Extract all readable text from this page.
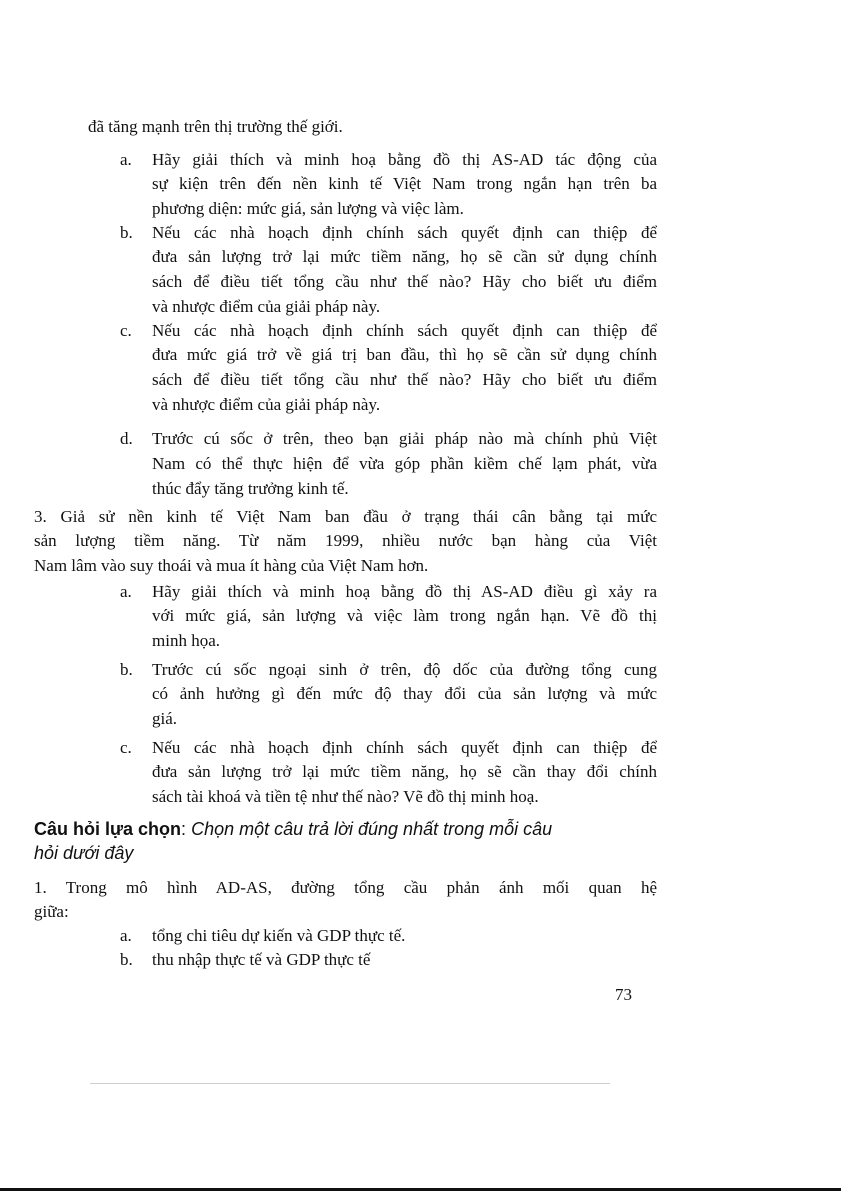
đã tăng mạnh trên thị trường thế giới.
a. Hãy giải thích và minh hoạ bằng đồ thị AS-AD tác động của
sự kiện trên đến nền kinh tế Việt Nam trong ngắn hạn trên ba
phương diện: mức giá, sản lượng và việc làm.
b. Nếu các nhà hoạch định chính sách quyết định can thiệp để
đưa sản lượng trở lại mức tiềm năng, họ sẽ cần sử dụng chính
sách để điều tiết tổng cầu như thế nào? Hãy cho biết ưu điểm
và nhược điểm của giải pháp này.
c. Nếu các nhà hoạch định chính sách quyết định can thiệp để
đưa mức giá trở về giá trị ban đầu, thì họ sẽ cần sử dụng chính
sách để điều tiết tổng cầu như thế nào? Hãy cho biết ưu điểm
và nhược điểm của giải pháp này.
d. Trước cú sốc ở trên, theo bạn giải pháp nào mà chính phủ Việt
Nam có thể thực hiện để vừa góp phần kiềm chế lạm phát, vừa
thúc đẩy tăng trưởng kinh tế.
3. Giả sử nền kinh tế Việt Nam ban đầu ở trạng thái cân bằng tại mức
sản lượng tiềm năng. Từ năm 1999, nhiều nước bạn hàng của Việt
Nam lâm vào suy thoái và mua ít hàng của Việt Nam hơn.
a. Hãy giải thích và minh hoạ bằng đồ thị AS-AD điều gì xảy ra
với mức giá, sản lượng và việc làm trong ngắn hạn. Vẽ đồ thị
minh họa.
b. Trước cú sốc ngoại sinh ở trên, độ dốc của đường tổng cung
có ảnh hưởng gì đến mức độ thay đổi của sản lượng và mức
giá.
c. Nếu các nhà hoạch định chính sách quyết định can thiệp để
đưa sản lượng trở lại mức tiềm năng, họ sẽ cần thay đổi chính
sách tài khoá và tiền tệ như thế nào? Vẽ đồ thị minh hoạ.
Câu hỏi lựa chọn: Chọn một câu trả lời đúng nhất trong mỗi câu
hỏi dưới đây
1. Trong mô hình AD-AS, đường tổng cầu phản ánh mối quan hệ
giữa:
a. tổng chi tiêu dự kiến và GDP thực tế.
b. thu nhập thực tế và GDP thực tế
73
